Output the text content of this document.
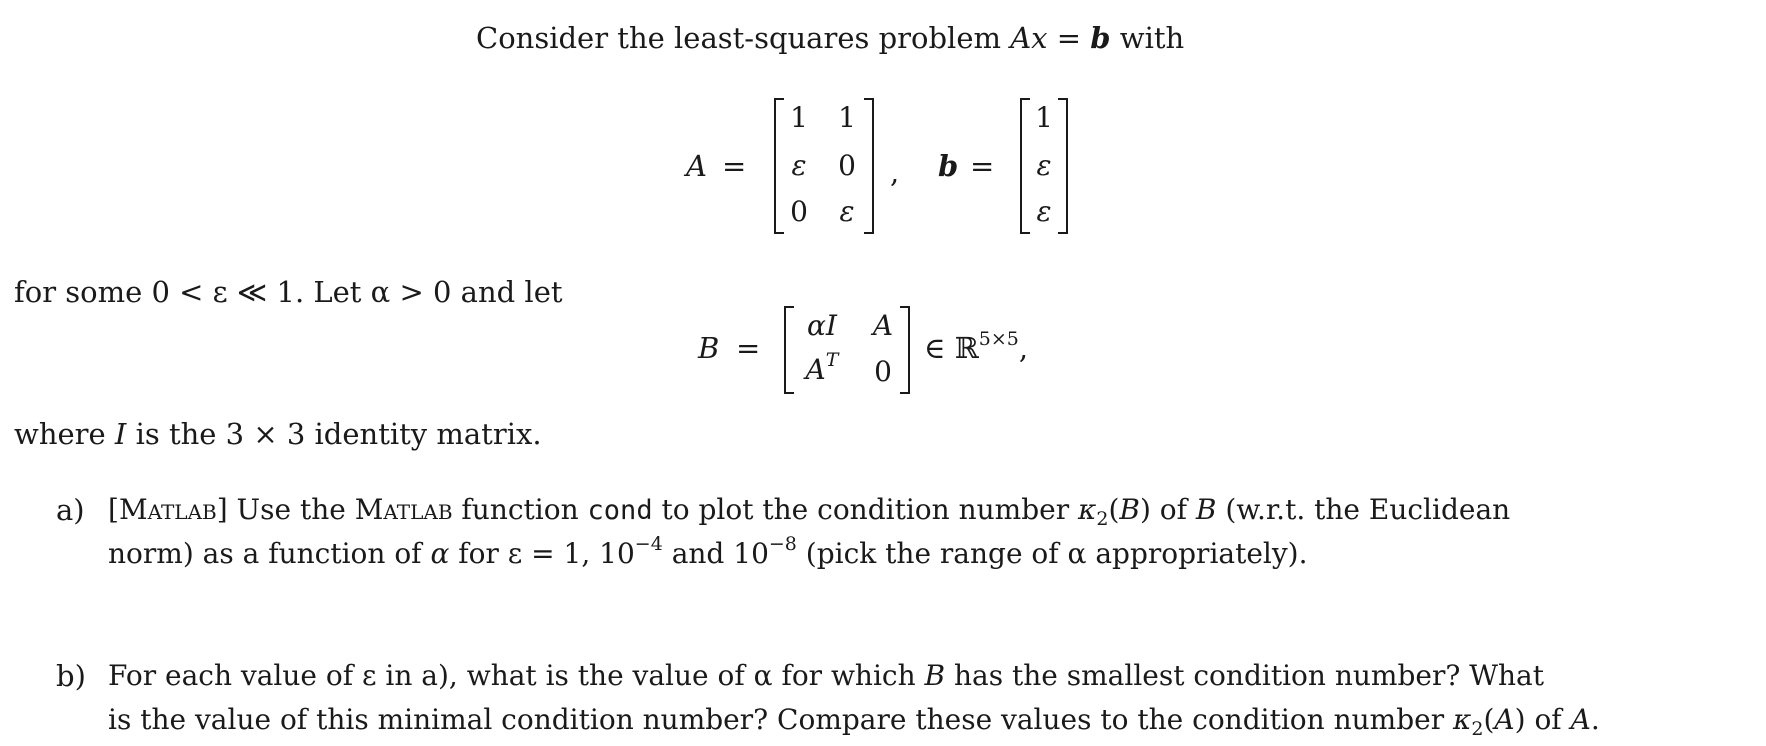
Consider the least-squares problem Ax = b with
A =
1 1
ε 0
0 ε
, b =
1
ε
ε
for some 0 < ε ≪ 1. Let α > 0 and let
B =
αI	A
$A^T$	0
∈ ℝ$^{5\times 5}$,
where I is the 3 × 3 identity matrix.
a) [Matlab] Use the Matlab function cond to plot the condition number $\kappa_2(B)$ of B (w.r.t. the Euclidean
norm) as a function of α for ε = 1, $10^{-4}$ and $10^{-8}$ (pick the range of α appropriately).
b) For each value of ε in a), what is the value of α for which B has the smallest condition number? What
is the value of this minimal condition number? Compare these values to the condition number $\kappa_2(A)$ of A.
